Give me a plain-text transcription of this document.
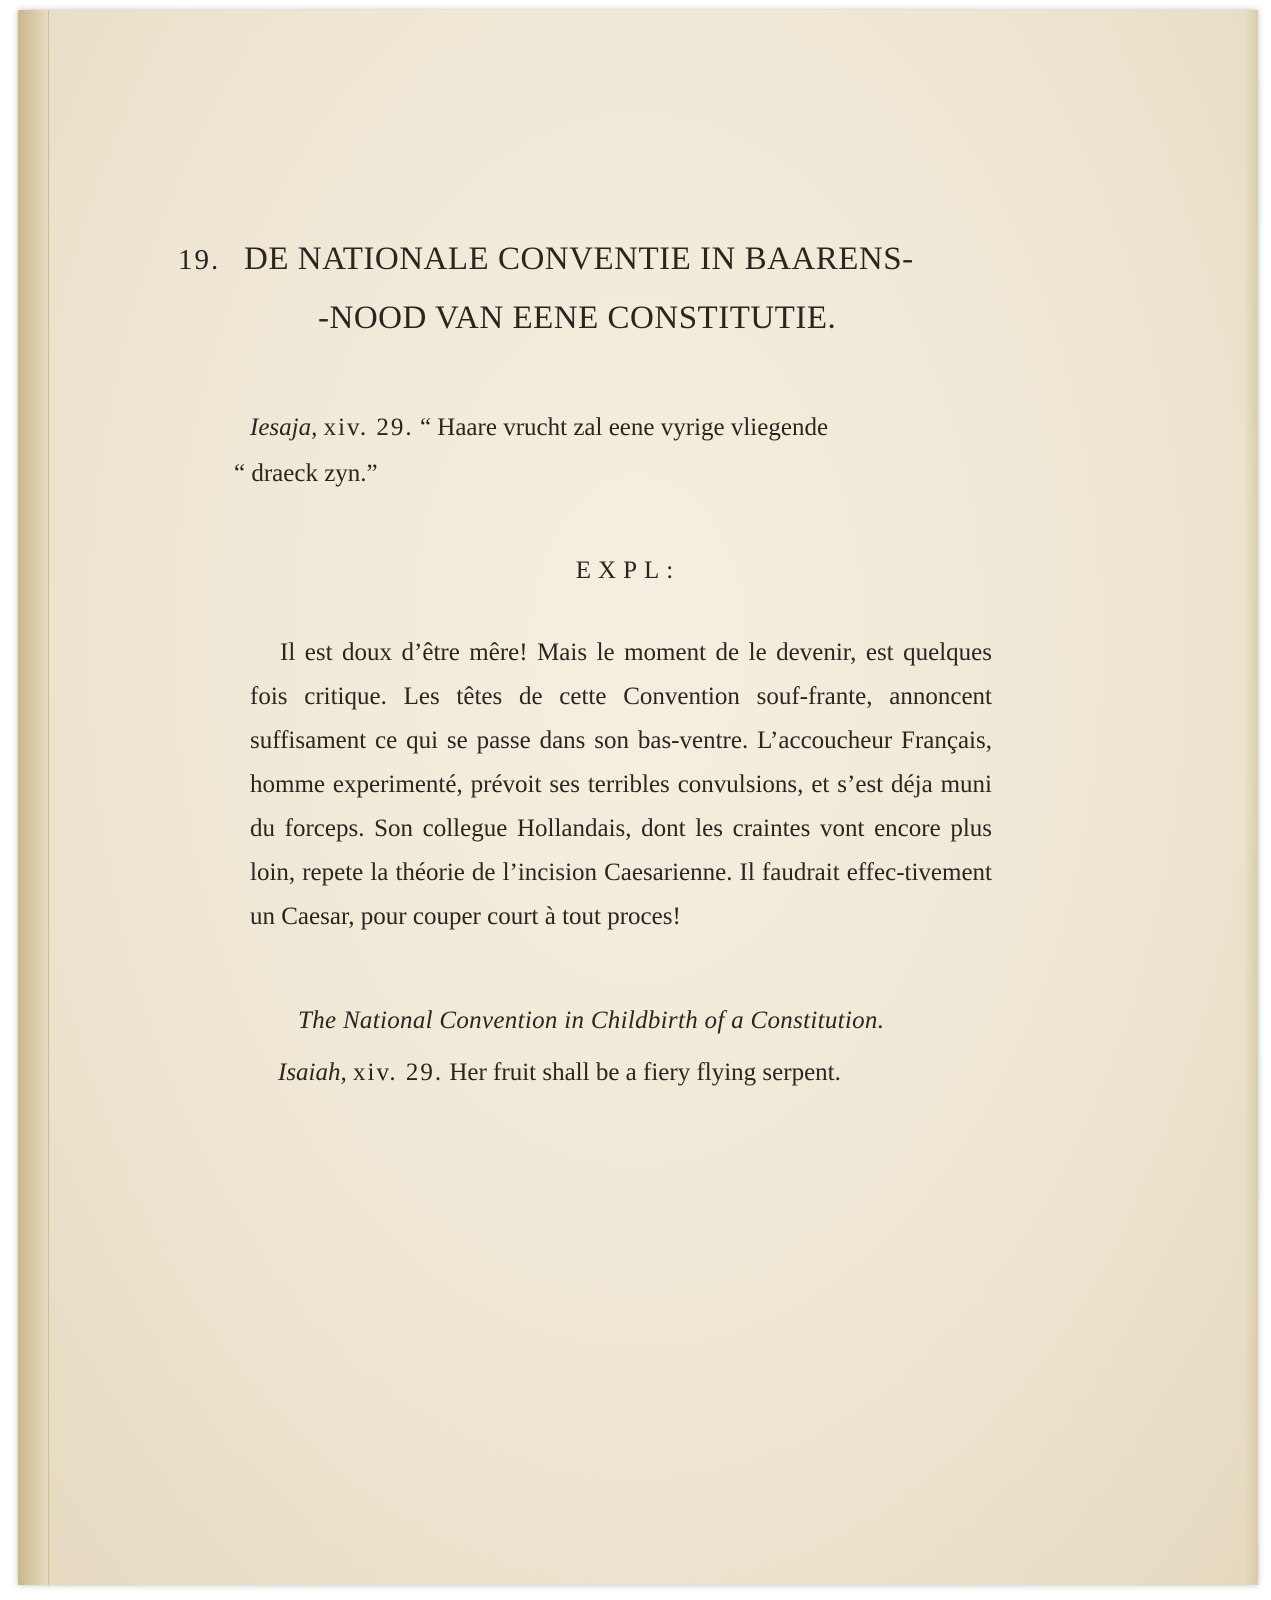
19. DE NATIONALE CONVENTIE IN BAARENS-
-NOOD VAN EENE CONSTITUTIE.
Iesaja, xiv. 29. “ Haare vrucht zal eene vyrige vliegende
“ draeck zyn.”
EXPL:

Il est doux d’être mêre! Mais le moment de le devenir, est quelques fois critique. Les têtes de cette Convention souf-frante, annoncent suffisament ce qui se passe dans son bas-ventre. L’accoucheur Français, homme experimenté, prévoit ses terribles convulsions, et s’est déja muni du forceps. Son collegue Hollandais, dont les craintes vont encore plus loin, repete la théorie de l’incision Caesarienne. Il faudrait effec-tivement un Caesar, pour couper court à tout proces!

The National Convention in Childbirth of a Constitution.
Isaiah, xiv. 29. Her fruit shall be a fiery flying serpent.
